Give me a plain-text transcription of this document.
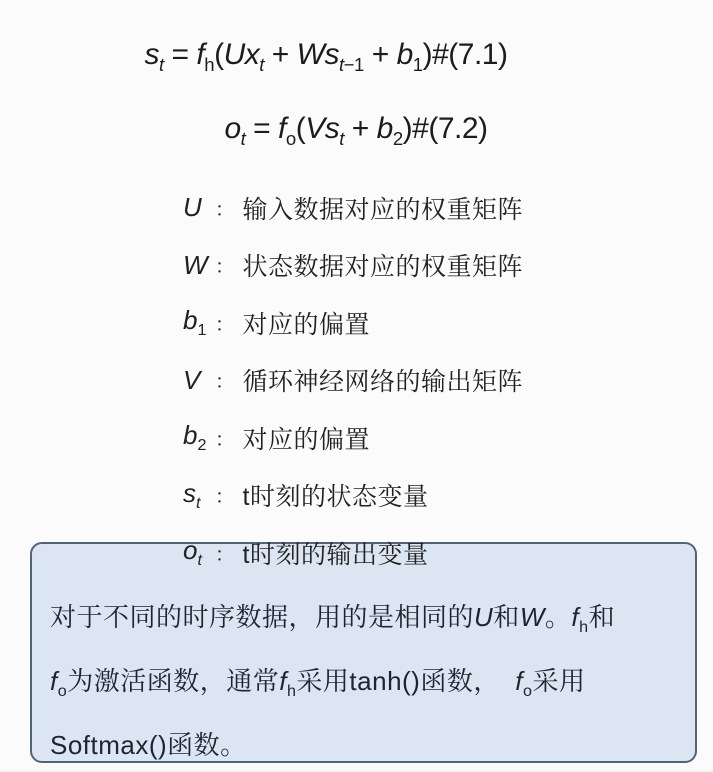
$s_t = f_h(Ux_t + Ws_{t-1}$ + $b_1)\#(7.1)$
$o_t = f_o(Vs_t$ + $b_2)\#(7.2)$
U ： 输入数据对应的权重矩阵
W ： 状态数据对应的权重矩阵
$b_1$ ： 对应的偏置
V ： 循环神经网络的输出矩阵
$b_2$ ： 对应的偏置
$s_t$ ： t时刻的状态变量
$o_t$ ： t时刻的输出变量
对于不同的时序数据，用的是相同的U和W。$f_h$和
$f_o$为激活函数，通常$f_h$采用tanh()函数，  $f_o$采用
Softmax()函数。
